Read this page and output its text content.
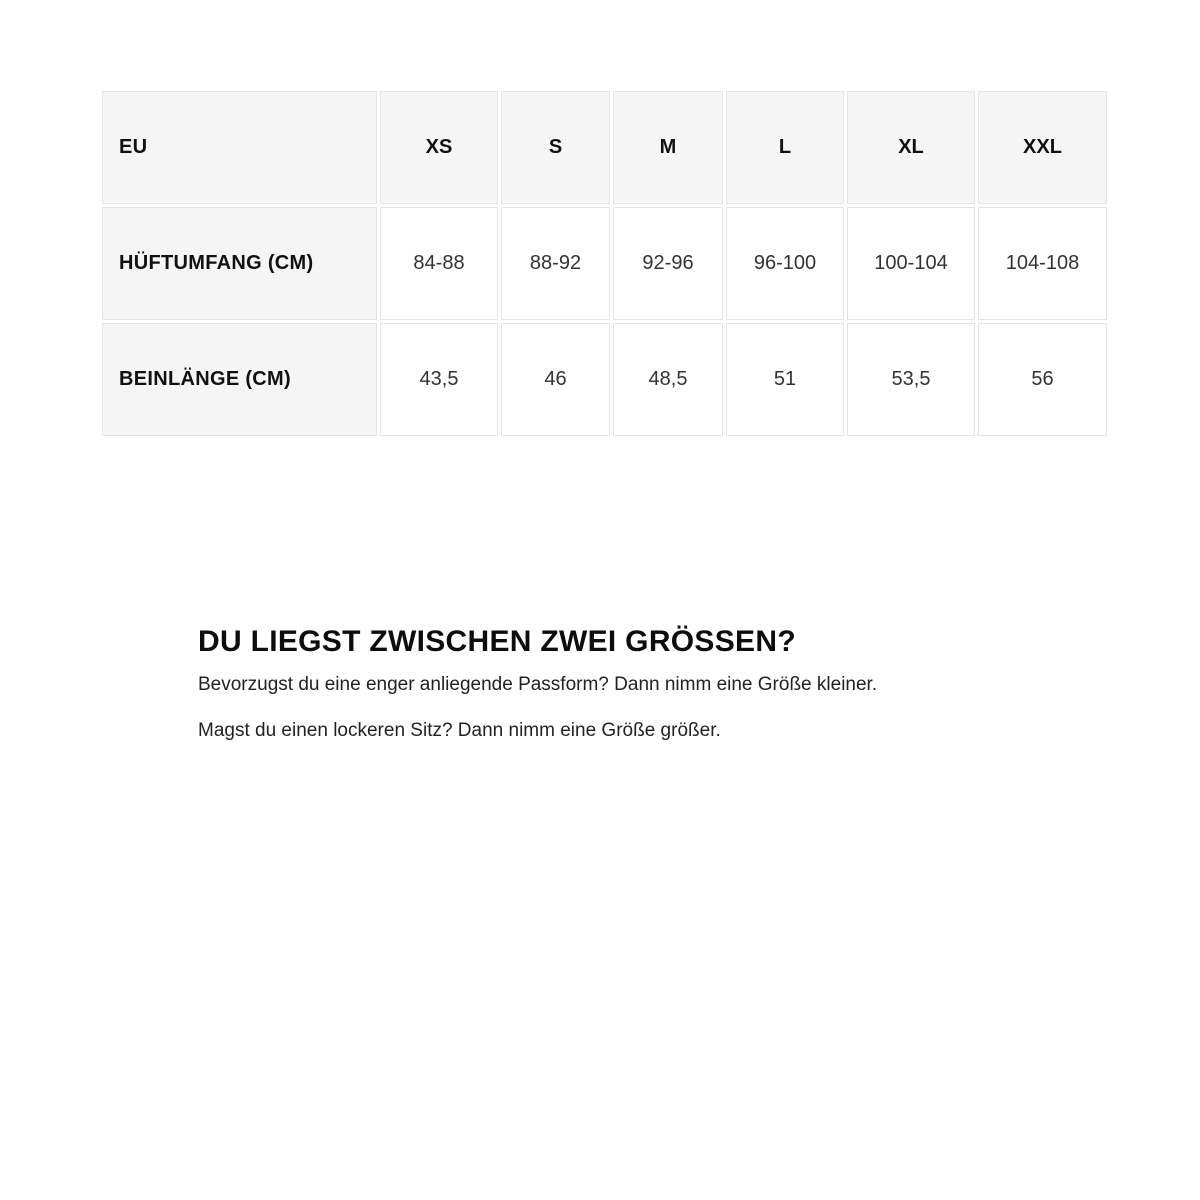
EU	XS	S	M	L	XL	XXL
HÜFTUMFANG (CM)	84-88	88-92	92-96	96-100	100-104	104-108
BEINLÄNGE (CM)	43,5	46	48,5	51	53,5	56
DU LIEGST ZWISCHEN ZWEI GRÖSSEN?

Bevorzugst du eine enger anliegende Passform? Dann nimm eine Größe kleiner.

Magst du einen lockeren Sitz? Dann nimm eine Größe größer.
